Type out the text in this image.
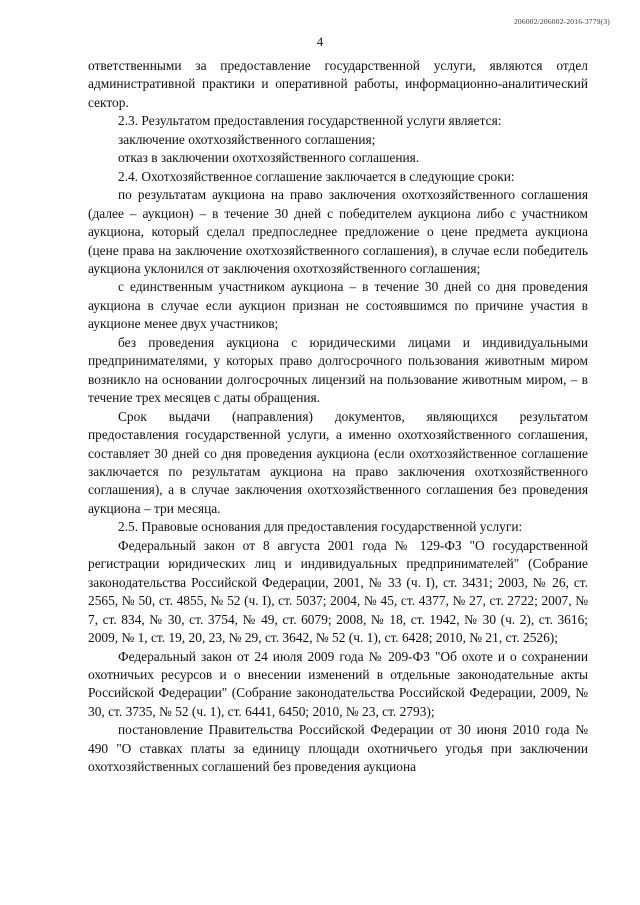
206002/206002-2016-3779(3)
4

ответственными за предоставление государственной услуги, являются отдел административной практики и оперативной работы, информационно-аналитический сектор.

2.3. Результатом предоставления государственной услуги является:

заключение охотхозяйственного соглашения;

отказ в заключении охотхозяйственного соглашения.

2.4. Охотхозяйственное соглашение заключается в следующие сроки:

по результатам аукциона на право заключения охотхозяйственного соглашения (далее – аукцион) – в течение 30 дней с победителем аукциона либо с участником аукциона, который сделал предпоследнее предложение о цене предмета аукциона (цене права на заключение охотхозяйственного соглашения), в случае если победитель аукциона уклонился от заключения охотхозяйственного соглашения;

с единственным участником аукциона – в течение 30 дней со дня проведения аукциона в случае если аукцион признан не состоявшимся по причине участия в аукционе менее двух участников;

без проведения аукциона с юридическими лицами и индивидуальными предпринимателями, у которых право долгосрочного пользования животным миром возникло на основании долгосрочных лицензий на пользование животным миром, – в течение трех месяцев с даты обращения.

Срок выдачи (направления) документов, являющихся результатом предоставления государственной услуги, а именно охотхозяйственного соглашения, составляет 30 дней со дня проведения аукциона (если охотхозяйственное соглашение заключается по результатам аукциона на право заключения охотхозяйственного соглашения), а в случае заключения охотхозяйственного соглашения без проведения аукциона – три месяца.

2.5. Правовые основания для предоставления государственной услуги:

Федеральный закон от 8 августа 2001 года № 129-ФЗ "О государственной регистрации юридических лиц и индивидуальных предпринимателей" (Собрание законодательства Российской Федерации, 2001, № 33 (ч. I), ст. 3431; 2003, № 26, ст. 2565, № 50, ст. 4855, № 52 (ч. I), ст. 5037; 2004, № 45, ст. 4377, № 27, ст. 2722; 2007, № 7, ст. 834, № 30, ст. 3754, № 49, ст. 6079; 2008, № 18, ст. 1942, № 30 (ч. 2), ст. 3616; 2009, № 1, ст. 19, 20, 23, № 29, ст. 3642, № 52 (ч. 1), ст. 6428; 2010, № 21, ст. 2526);

Федеральный закон от 24 июля 2009 года № 209-ФЗ "Об охоте и о сохранении охотничьих ресурсов и о внесении изменений в отдельные законодательные акты Российской Федерации" (Собрание законодательства Российской Федерации, 2009, № 30, ст. 3735, № 52 (ч. 1), ст. 6441, 6450; 2010, № 23, ст. 2793);

постановление Правительства Российской Федерации от 30 июня 2010 года № 490 "О ставках платы за единицу площади охотничьего угодья при заключении охотхозяйственных соглашений без проведения аукциона
